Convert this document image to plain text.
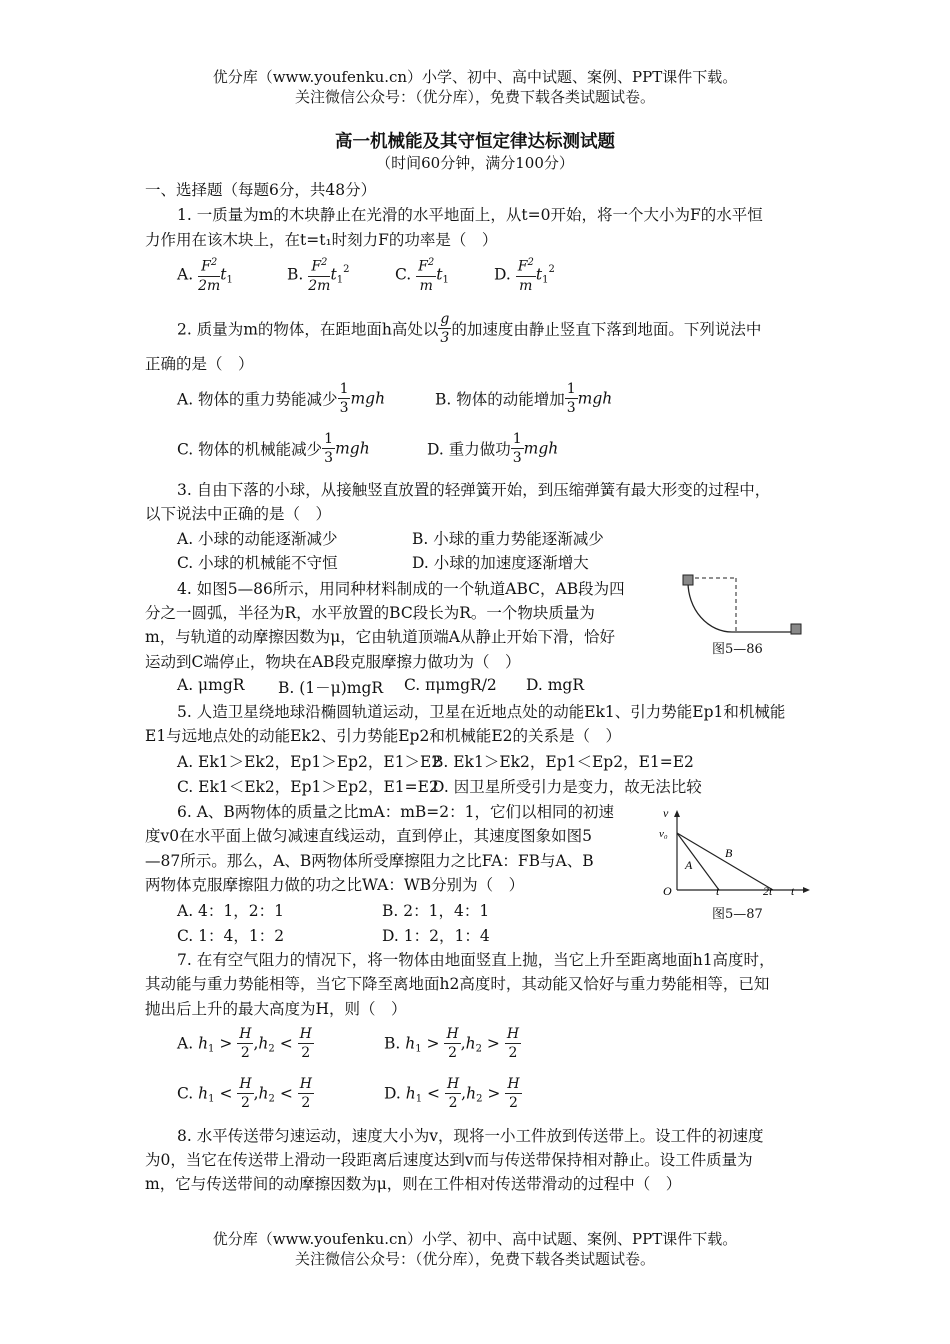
优分库（www.youfenku.cn）小学、初中、高中试题、案例、PPT课件下载。
关注微信公众号：（优分库），免费下载各类试题试卷。
高一机械能及其守恒定律达标测试题
（时间60分钟，满分100分）
一、选择题（每题6分，共48分）
1. 一质量为m的木块静止在光滑的水平地面上，从t=0开始，将一个大小为F的水平恒
力作用在该木块上，在t=t₁时刻力F的功率是（　）
A. $\frac{F^2}{2m} t_1$	B. $\frac{F^2}{2m} t_1^2$	C. $\frac{F^2}{m} t_1$	D. $\frac{F^2}{m} t_1^2$
2. 质量为m的物体，在距地面h高处以 $\frac{g}{3}$ 的加速度由静止竖直下落到地面。下列说法中
正确的是（　）
A. 物体的重力势能减少 $\frac{1}{3}$ mgh	B. 物体的动能增加 $\frac{1}{3}$ mgh
C. 物体的机械能减少 $\frac{1}{3}$ mgh	D. 重力做功 $\frac{1}{3}$ mgh
3. 自由下落的小球，从接触竖直放置的轻弹簧开始，到压缩弹簧有最大形变的过程中，
以下说法中正确的是（　）
A. 小球的动能逐渐减少	B. 小球的重力势能逐渐减少
C. 小球的机械能不守恒	D. 小球的加速度逐渐增大
4. 如图5—86所示，用同种材料制成的一个轨道ABC，AB段为四
分之一圆弧，半径为R，水平放置的BC段长为R。一个物块质量为
m，与轨道的动摩擦因数为μ，它由轨道顶端A从静止开始下滑，恰好
运动到C端停止，物块在AB段克服摩擦力做功为（　）
图5—86
A. μmgR B. (1－μ)mgR C. πμmgR/2 D. mgR
5. 人造卫星绕地球沿椭圆轨道运动，卫星在近地点处的动能Ek1、引力势能Ep1和机械能
E1与远地点处的动能Ek2、引力势能Ep2和机械能E2的关系是（　）
A. Ek1＞Ek2，Ep1＞Ep2，E1＞E2
B. Ek1＞Ek2，Ep1＜Ep2，E1=E2
C. Ek1＜Ek2，Ep1＞Ep2，E1=E2
D. 因卫星所受引力是变力，故无法比较
6. A、B两物体的质量之比mA：mB=2：1，它们以相同的初速
度v0在水平面上做匀减速直线运动，直到停止，其速度图象如图5
—87所示。那么，A、B两物体所受摩擦阻力之比FA：FB与A、B
两物体克服摩擦阻力做的功之比WA：WB分别为（　）
v
v₀
A
B
O	t	2t t
图5—87
A. 4：1，2：1	B. 2：1，4：1
C. 1：4，1：2	D. 1：2，1：4
7. 在有空气阻力的情况下，将一物体由地面竖直上抛，当它上升至距离地面h1高度时，
其动能与重力势能相等，当它下降至离地面h2高度时，其动能又恰好与重力势能相等，已知
抛出后上升的最大高度为H，则（　）
A. $h_1 > \frac{H}{2} ,h_2 < \frac{H}{2}$	B. $h_1 > \frac{H}{2} ,h_2 > \frac{H}{2}$
C. $h_1 < \frac{H}{2} ,h_2 < \frac{H}{2}$	D. $h_1 < \frac{H}{2} ,h_2 > \frac{H}{2}$
8. 水平传送带匀速运动，速度大小为v，现将一小工件放到传送带上。设工件的初速度
为0，当它在传送带上滑动一段距离后速度达到v而与传送带保持相对静止。设工件质量为
m，它与传送带间的动摩擦因数为μ，则在工件相对传送带滑动的过程中（　）
优分库（www.youfenku.cn）小学、初中、高中试题、案例、PPT课件下载。
关注微信公众号：（优分库），免费下载各类试题试卷。
